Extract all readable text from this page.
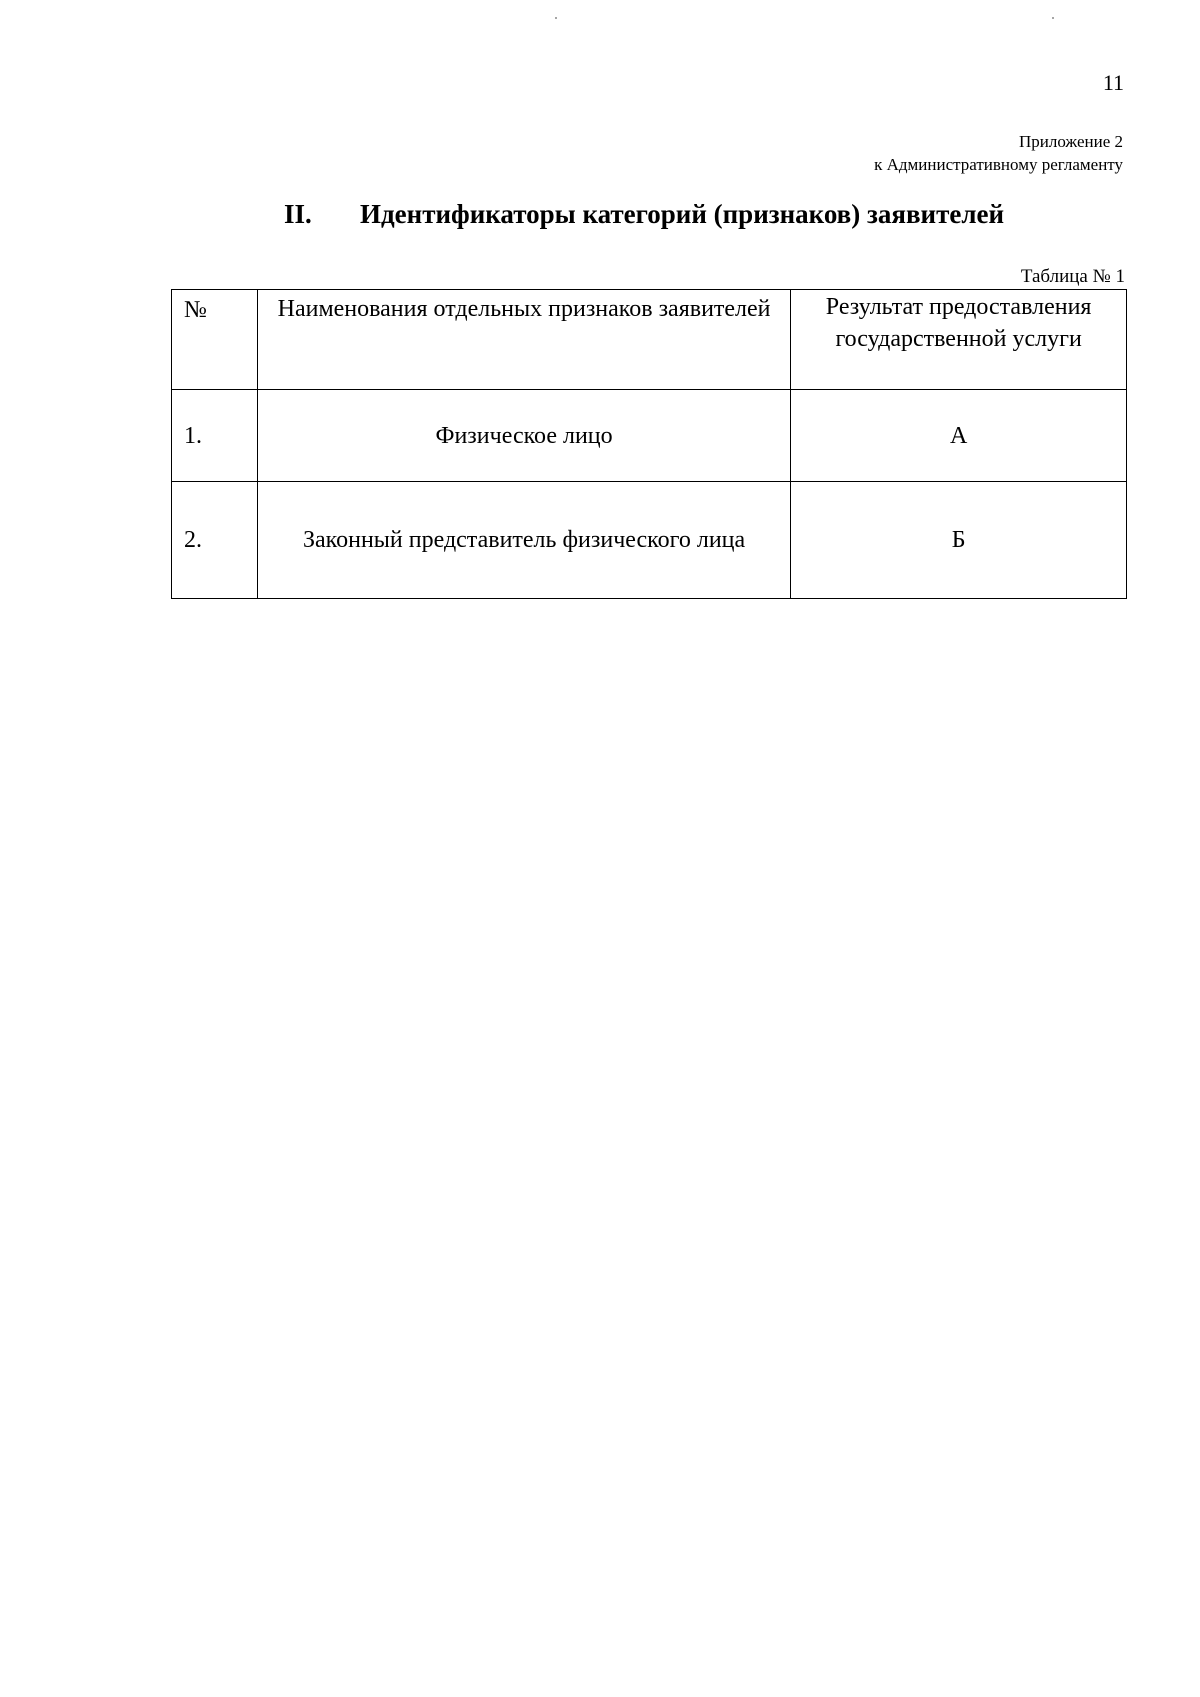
11
Приложение 2
к Административному регламенту
II. Идентификаторы категорий (признаков) заявителей
Таблица № 1
№	Наименования отдельных признаков заявителей	Результат предоставления государственной услуги
1.	Физическое лицо	А
2.	Законный представитель физического лица	Б
